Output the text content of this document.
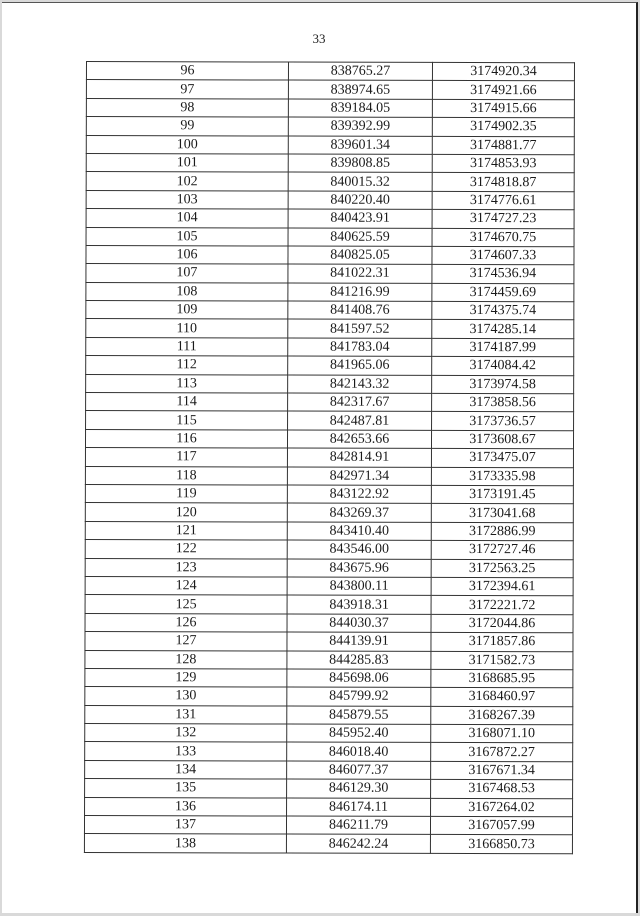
33
96	838765.27	3174920.34
97	838974.65	3174921.66
98	839184.05	3174915.66
99	839392.99	3174902.35
100	839601.34	3174881.77
101	839808.85	3174853.93
102	840015.32	3174818.87
103	840220.40	3174776.61
104	840423.91	3174727.23
105	840625.59	3174670.75
106	840825.05	3174607.33
107	841022.31	3174536.94
108	841216.99	3174459.69
109	841408.76	3174375.74
110	841597.52	3174285.14
111	841783.04	3174187.99
112	841965.06	3174084.42
113	842143.32	3173974.58
114	842317.67	3173858.56
115	842487.81	3173736.57
116	842653.66	3173608.67
117	842814.91	3173475.07
118	842971.34	3173335.98
119	843122.92	3173191.45
120	843269.37	3173041.68
121	843410.40	3172886.99
122	843546.00	3172727.46
123	843675.96	3172563.25
124	843800.11	3172394.61
125	843918.31	3172221.72
126	844030.37	3172044.86
127	844139.91	3171857.86
128	844285.83	3171582.73
129	845698.06	3168685.95
130	845799.92	3168460.97
131	845879.55	3168267.39
132	845952.40	3168071.10
133	846018.40	3167872.27
134	846077.37	3167671.34
135	846129.30	3167468.53
136	846174.11	3167264.02
137	846211.79	3167057.99
138	846242.24	3166850.73
